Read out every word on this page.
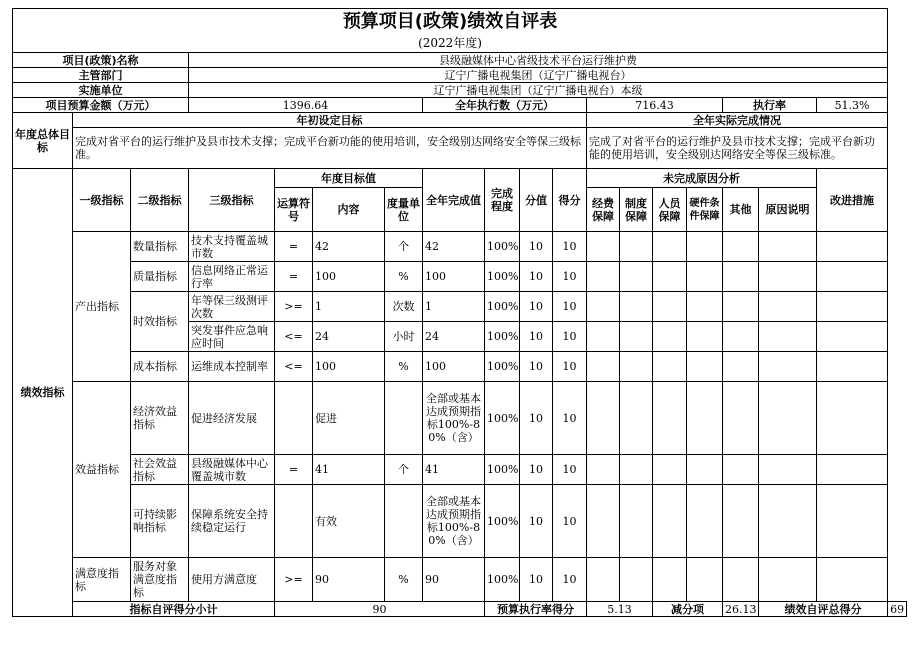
预算项目(政策)绩效自评表																		

(2022年度)																		

项目(政策)名称			县级融媒体中心省级技术平台运行维护费															
主管部门			辽宁广播电视集团（辽宁广播电视台）															
实施单位			辽宁广播电视集团（辽宁广播电视台）本级															
项目预算金额（万元）			1396.64				全年执行数（万元）				716.43				执行率		51.3%	
年度总体目标	年初设定目标										全年实际完成情况							
	完成对省平台的运行维护及县市技术支撑；完成平台新功能的使用培训，安全级别达网络安全等保三级标准。										完成了对省平台的运行维护及县市技术支撑；完成平台新功能的使用培训，安全级别达网络安全等保三级标准。							
绩效指标	一级指标	二级指标	三级指标	年度目标值			全年完成值	完成程度	分值	得分	未完成原因分析						改进措施	
				运算符号	内容	度量单位					经费保障	制度保障	人员保障	硬件条件保障	其他	原因说明		
	产出指标	数量指标	技术支持覆盖城市数	=	42	个	42	100%	10	10								
		质量指标	信息网络正常运行率	=	100	%	100	100%	10	10								
		时效指标	年等保三级测评次数	>=	1	次数	1	100%	10	10								
			突发事件应急响应时间	<=	24	小时	24	100%	10	10								
		成本指标	运维成本控制率	<=	100	%	100	100%	10	10								
	效益指标	经济效益指标	促进经济发展		促进		全部或基本达成预期指标100%-80%（含）	100%	10	10								
		社会效益指标	县级融媒体中心覆盖城市数	=	41	个	41	100%	10	10								
		可持续影响指标	保障系统安全持续稳定运行		有效		全部或基本达成预期指标100%-80%（含）	100%	10	10								
	满意度指标	服务对象满意度指标	使用方满意度	>=	90	%	90	100%	10	10								
	指标自评得分小计			90				预算执行率得分			5.13		减分项		26.13	绩效自评总得分		69
